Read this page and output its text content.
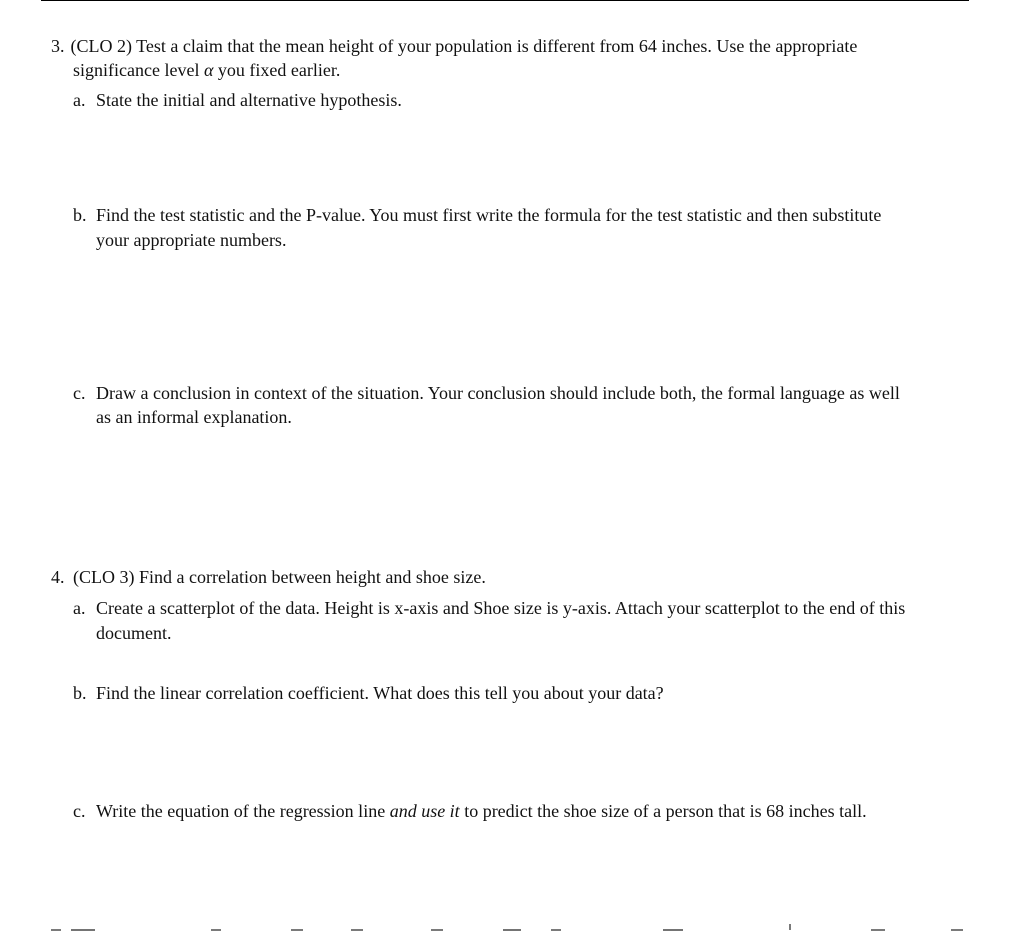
3. (CLO 2) Test a claim that the mean height of your population is different from 64 inches. Use the appropriate
significance level α you fixed earlier.
a. State the initial and alternative hypothesis.
b. Find the test statistic and the P-value. You must first write the formula for the test statistic and then substitute
your appropriate numbers.
c. Draw a conclusion in context of the situation. Your conclusion should include both, the formal language as well
as an informal explanation.
4. (CLO 3) Find a correlation between height and shoe size.
a. Create a scatterplot of the data. Height is x-axis and Shoe size is y-axis. Attach your scatterplot to the end of this
document.
b. Find the linear correlation coefficient. What does this tell you about your data?
c. Write the equation of the regression line and use it to predict the shoe size of a person that is 68 inches tall.
